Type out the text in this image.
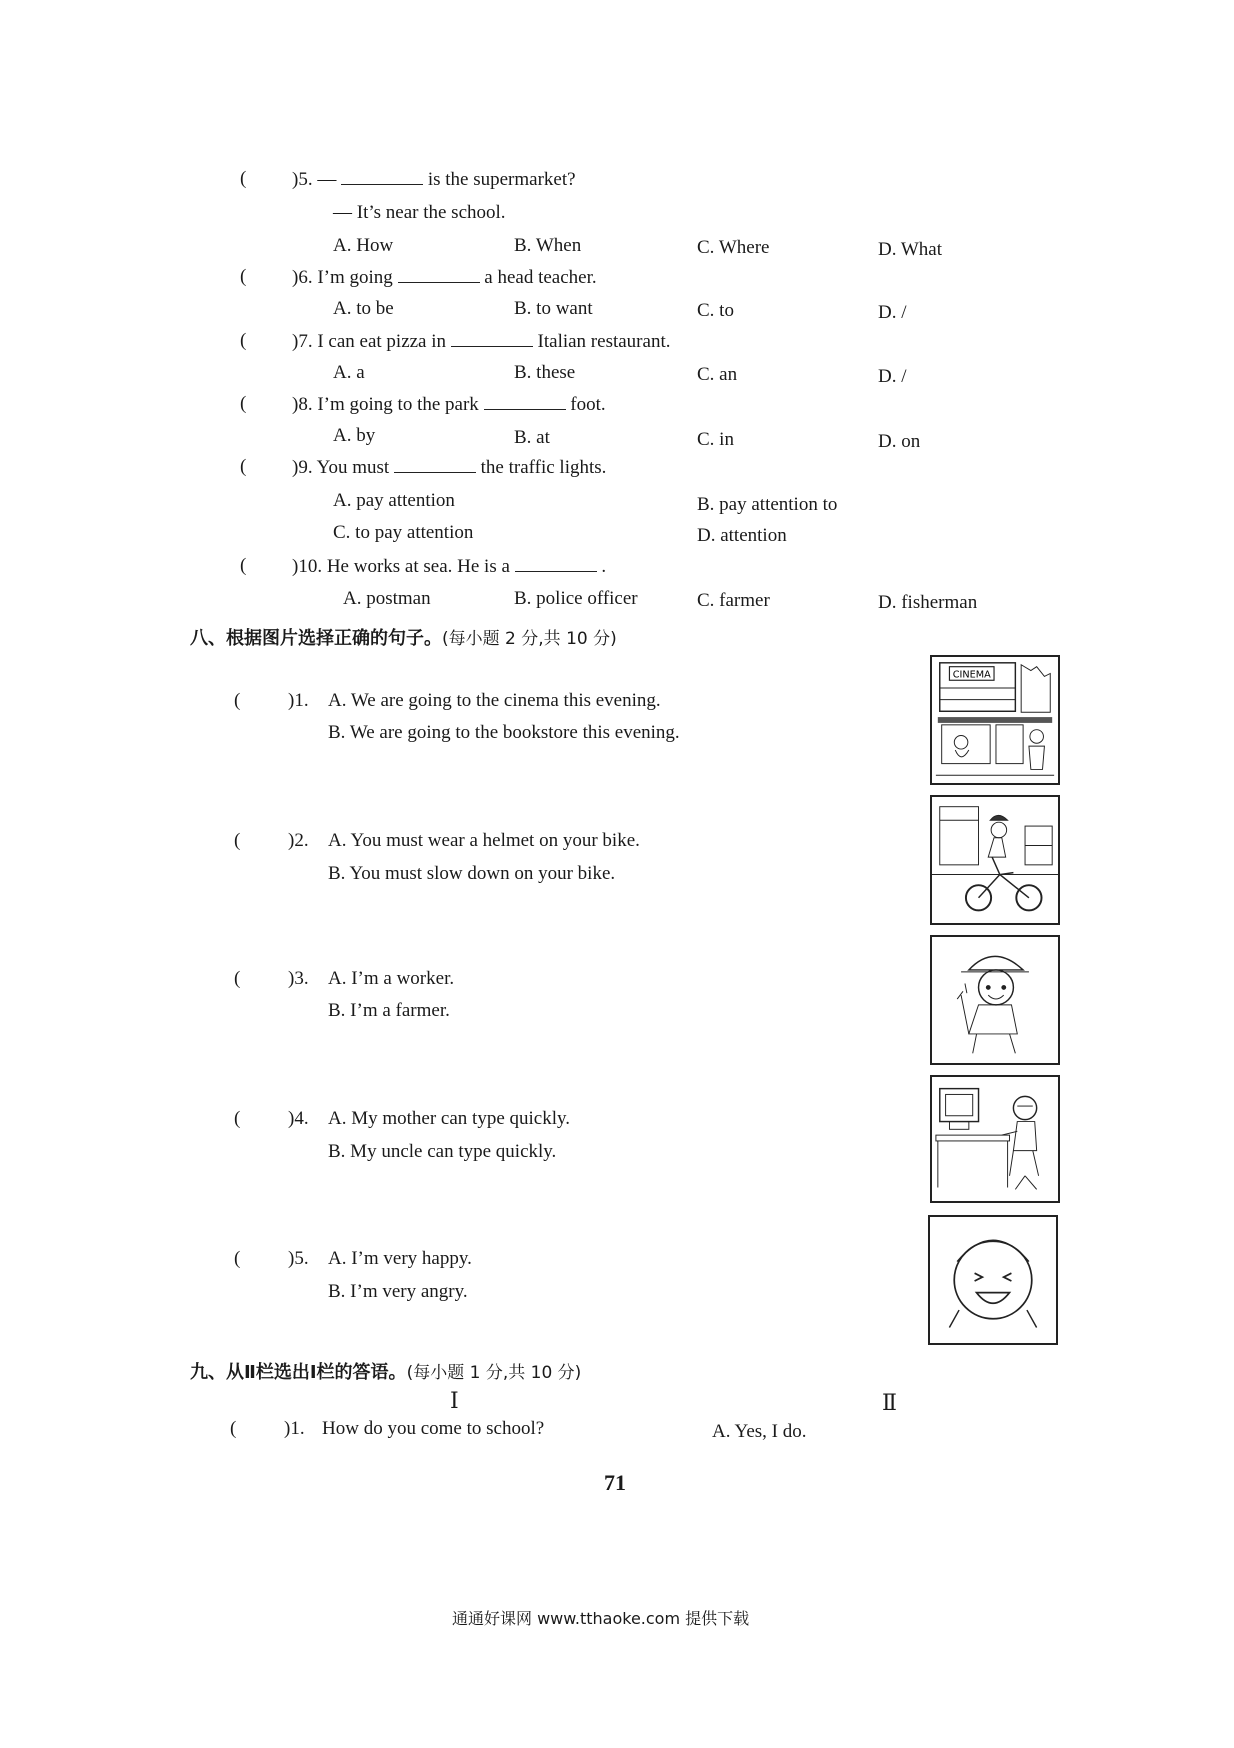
( )5. —	is the supermarket?
— It’s near the school.
A. How	B. When	C. Where	D. What
( )6. I’m going	a head teacher.
A. to be	B. to want	C. to	D. /
( )7. I can eat pizza in	Italian restaurant.
A. a	B. these	C. an	D. /
( )8. I’m going to the park	foot.
A. by	B. at	C. in	D. on
( )9. You must	the traffic lights.
A. pay attention	B. pay attention to
C. to pay attention	D. attention
( )10. He works at sea. He is a	.
A. postman	B. police officer	C. farmer	D. fisherman
八、根据图片选择正确的句子。(每小题 2 分,共 10 分)
(	)1. A. We are going to the cinema this evening.
B. We are going to the bookstore this evening.
CINEMA
(	)2. A. You must wear a helmet on your bike.
B. You must slow down on your bike.
(	)3. A. I’m a worker.
B. I’m a farmer.
(	)4. A. My mother can type quickly.
B. My uncle can type quickly.
(	)5. A. I’m very happy.
B. I’m very angry.
九、从Ⅱ栏选出Ⅰ栏的答语。(每小题 1 分,共 10 分)
Ⅰ	Ⅱ
(	)1. How do you come to school?	A. Yes, I do.
71
通通好课网 www.tthaoke.com 提供下载
